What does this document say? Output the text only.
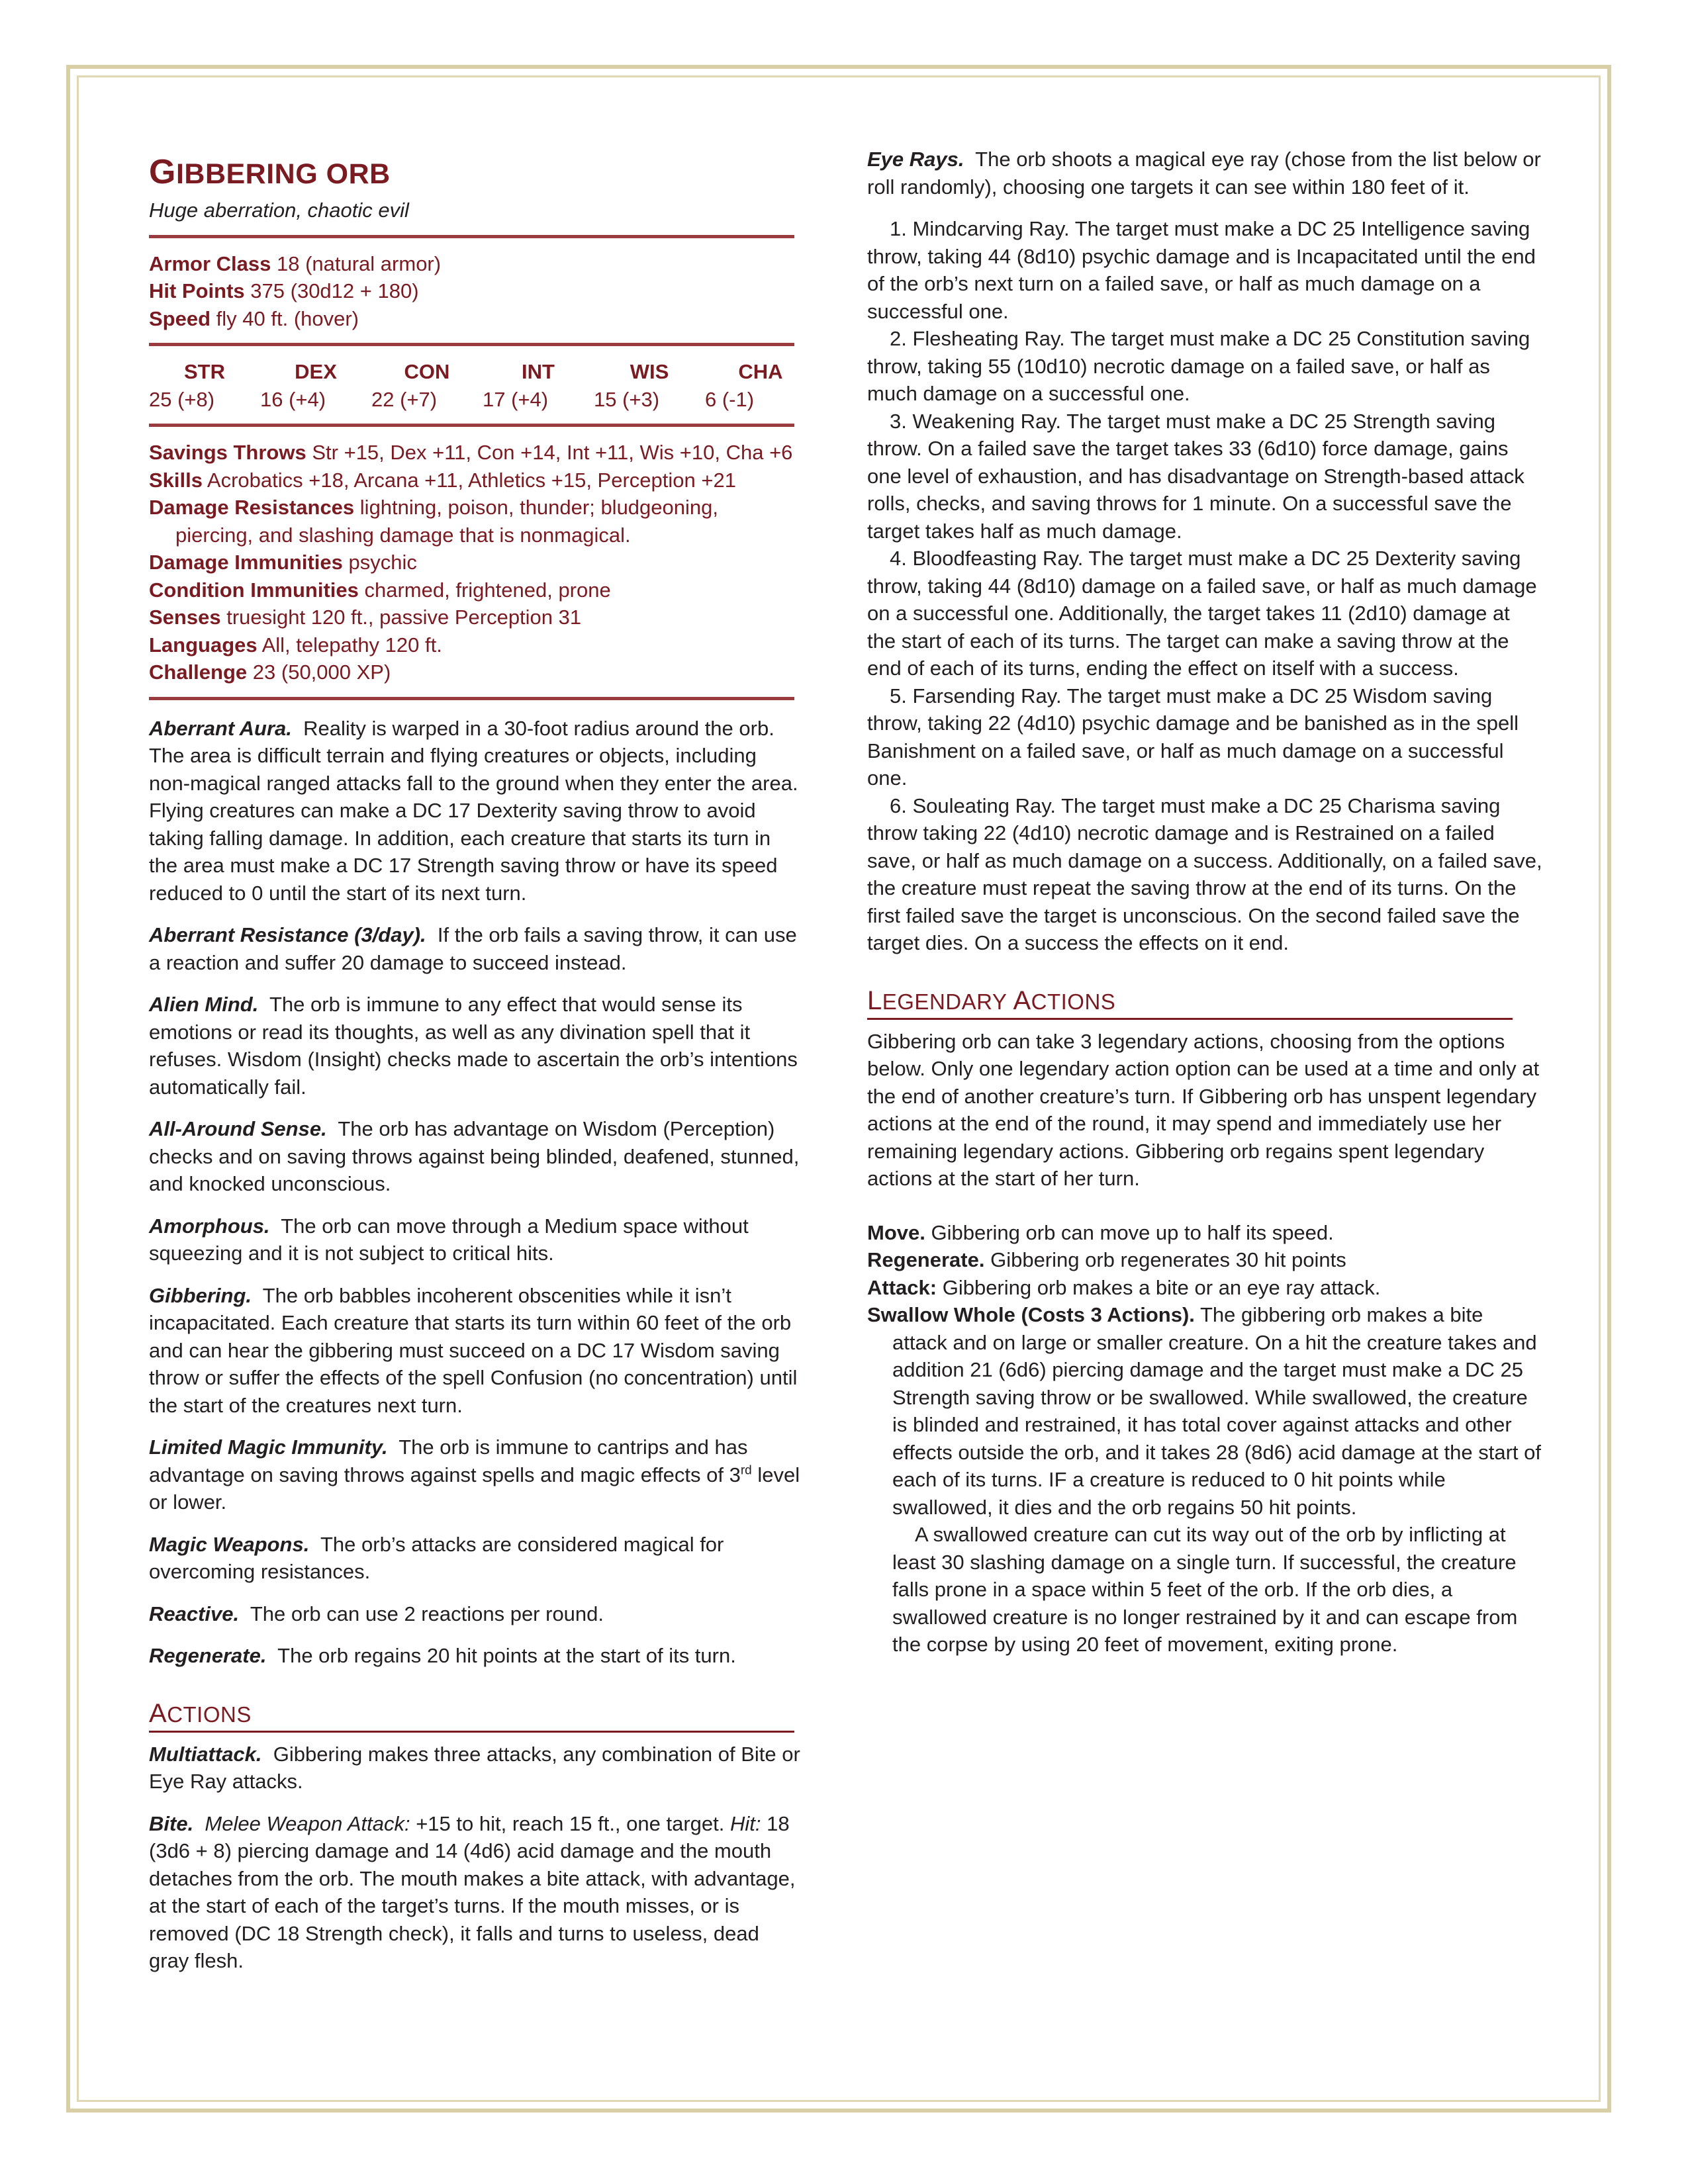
GIBBERING ORB

Huge aberration, chaotic evil

Armor Class 18 (natural armor)

Hit Points 375 (30d12 + 180)

Speed fly 40 ft. (hover)

STR	DEX	CON	INT	WIS	CHA
25 (+8)	16 (+4)	22 (+7)	17 (+4)	15 (+3)	6 (-1)

Savings Throws Str +15, Dex +11, Con +14, Int +11, Wis +10, Cha +6

Skills Acrobatics +18, Arcana +11, Athletics +15, Perception +21

Damage Resistances lightning, poison, thunder; bludgeoning, piercing, and slashing damage that is nonmagical.

Damage Immunities psychic

Condition Immunities charmed, frightened, prone

Senses truesight 120 ft., passive Perception 31

Languages All, telepathy 120 ft.

Challenge 23 (50,000 XP)

Aberrant Aura. Reality is warped in a 30-foot radius around the orb. The area is difficult terrain and flying creatures or objects, including non-magical ranged attacks fall to the ground when they enter the area. Flying creatures can make a DC 17 Dexterity saving throw to avoid taking falling damage. In addition, each creature that starts its turn in the area must make a DC 17 Strength saving throw or have its speed reduced to 0 until the start of its next turn.

Aberrant Resistance (3/day). If the orb fails a saving throw, it can use a reaction and suffer 20 damage to succeed instead.

Alien Mind. The orb is immune to any effect that would sense its emotions or read its thoughts, as well as any divination spell that it refuses. Wisdom (Insight) checks made to ascertain the orb’s intentions automatically fail.

All-Around Sense. The orb has advantage on Wisdom (Perception) checks and on saving throws against being blinded, deafened, stunned, and knocked unconscious.

Amorphous. The orb can move through a Medium space without squeezing and it is not subject to critical hits.

Gibbering. The orb babbles incoherent obscenities while it isn’t incapacitated. Each creature that starts its turn within 60 feet of the orb and can hear the gibbering must succeed on a DC 17 Wisdom saving throw or suffer the effects of the spell Confusion (no concentration) until the start of the creatures next turn.

Limited Magic Immunity. The orb is immune to cantrips and has advantage on saving throws against spells and magic effects of 3rd level or lower.

Magic Weapons. The orb’s attacks are considered magical for overcoming resistances.

Reactive. The orb can use 2 reactions per round.

Regenerate. The orb regains 20 hit points at the start of its turn.

ACTIONS

Multiattack. Gibbering makes three attacks, any combination of Bite or Eye Ray attacks.

Bite. Melee Weapon Attack: +15 to hit, reach 15 ft., one target. Hit: 18 (3d6 + 8) piercing damage and 14 (4d6) acid damage and the mouth detaches from the orb. The mouth makes a bite attack, with advantage, at the start of each of the target’s turns. If the mouth misses, or is removed (DC 18 Strength check), it falls and turns to useless, dead gray flesh.

Eye Rays. The orb shoots a magical eye ray (chose from the list below or roll randomly), choosing one targets it can see within 180 feet of it.

1. Mindcarving Ray. The target must make a DC 25 Intelligence saving throw, taking 44 (8d10) psychic damage and is Incapacitated until the end of the orb’s next turn on a failed save, or half as much damage on a successful one.

2. Flesheating Ray. The target must make a DC 25 Constitution saving throw, taking 55 (10d10) necrotic damage on a failed save, or half as much damage on a successful one.

3. Weakening Ray. The target must make a DC 25 Strength saving throw. On a failed save the target takes 33 (6d10) force damage, gains one level of exhaustion, and has disadvantage on Strength-based attack rolls, checks, and saving throws for 1 minute. On a successful save the target takes half as much damage.

4. Bloodfeasting Ray. The target must make a DC 25 Dexterity saving throw, taking 44 (8d10) damage on a failed save, or half as much damage on a successful one. Additionally, the target takes 11 (2d10) damage at the start of each of its turns. The target can make a saving throw at the end of each of its turns, ending the effect on itself with a success.

5. Farsending Ray. The target must make a DC 25 Wisdom saving throw, taking 22 (4d10) psychic damage and be banished as in the spell Banishment on a failed save, or half as much damage on a successful one.

6. Souleating Ray. The target must make a DC 25 Charisma saving throw taking 22 (4d10) necrotic damage and is Restrained on a failed save, or half as much damage on a success. Additionally, on a failed save, the creature must repeat the saving throw at the end of its turns. On the first failed save the target is unconscious. On the second failed save the target dies. On a success the effects on it end.

LEGENDARY ACTIONS

Gibbering orb can take 3 legendary actions, choosing from the options below. Only one legendary action option can be used at a time and only at the end of another creature’s turn. If Gibbering orb has unspent legendary actions at the end of the round, it may spend and immediately use her remaining legendary actions. Gibbering orb regains spent legendary actions at the start of her turn.

Move. Gibbering orb can move up to half its speed.

Regenerate. Gibbering orb regenerates 30 hit points

Attack: Gibbering orb makes a bite or an eye ray attack.

Swallow Whole (Costs 3 Actions). The gibbering orb makes a bite attack and on large or smaller creature. On a hit the creature takes and addition 21 (6d6) piercing damage and the target must make a DC 25 Strength saving throw or be swallowed. While swallowed, the creature is blinded and restrained, it has total cover against attacks and other effects outside the orb, and it takes 28 (8d6) acid damage at the start of each of its turns. IF a creature is reduced to 0 hit points while swallowed, it dies and the orb regains 50 hit points.

A swallowed creature can cut its way out of the orb by inflicting at least 30 slashing damage on a single turn. If successful, the creature falls prone in a space within 5 feet of the orb. If the orb dies, a swallowed creature is no longer restrained by it and can escape from the corpse by using 20 feet of movement, exiting prone.
